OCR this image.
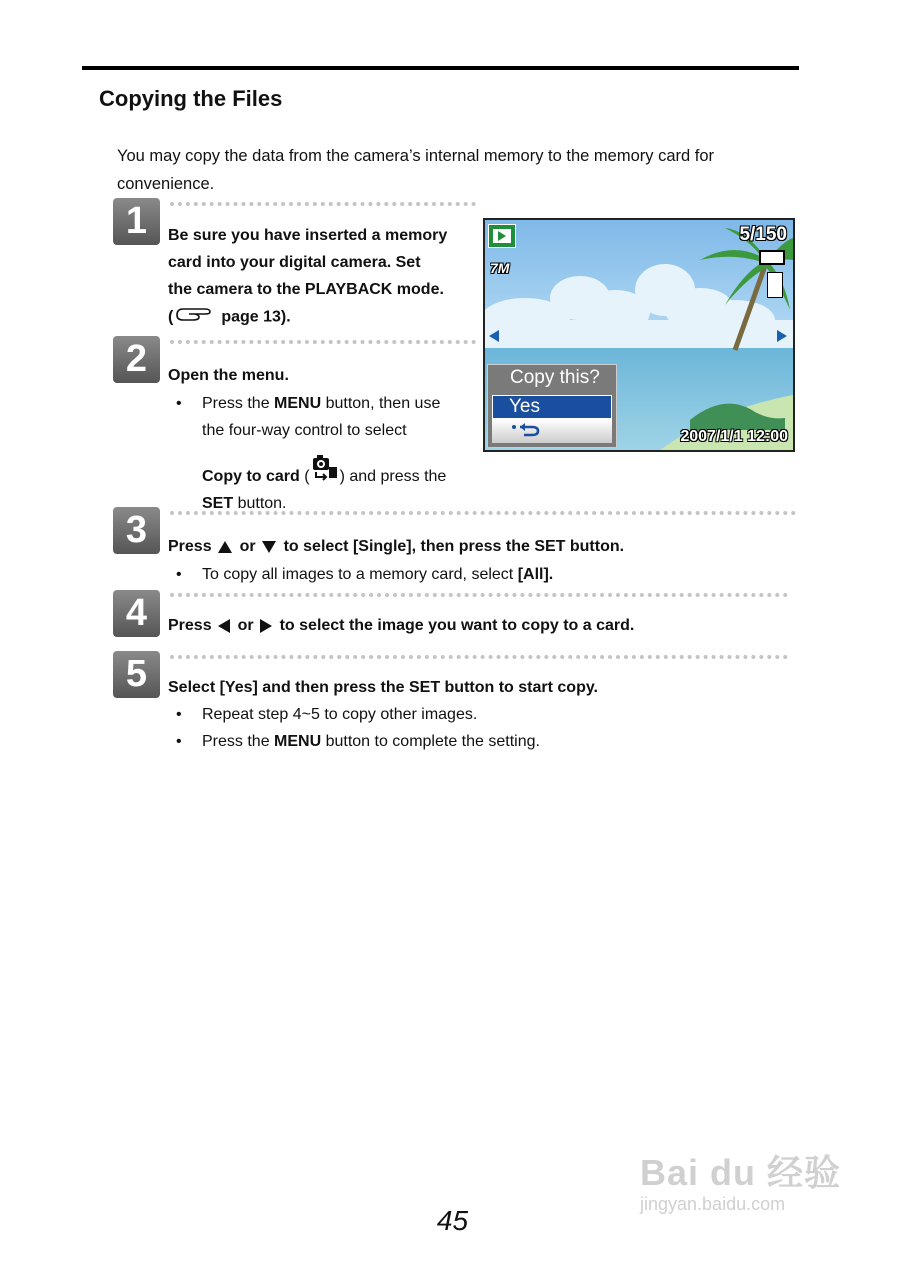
Copying the Files

You may copy the data from the camera’s internal memory to the memory card for convenience.

1	Be sure you have inserted a memory
card into your digital camera. Set
the camera to the PLAYBACK mode.
(	page 13).
2	Open the menu.
• Press the MENU button, then use
the four-way control to select
Copy to card ( ) and press the
SET button.
5/150
7M
Copy this?
Yes
2007/1/1 12:00
3	Press or to select [Single], then press the SET button.
• To copy all images to a memory card, select [All].
4	Press or to select the image you want to copy to a card.
5	Select [Yes] and then press the SET button to start copy.
• Repeat step 4~5 to copy other images.
• Press the MENU button to complete the setting.
45
Bai du 经验
jingyan.baidu.com
